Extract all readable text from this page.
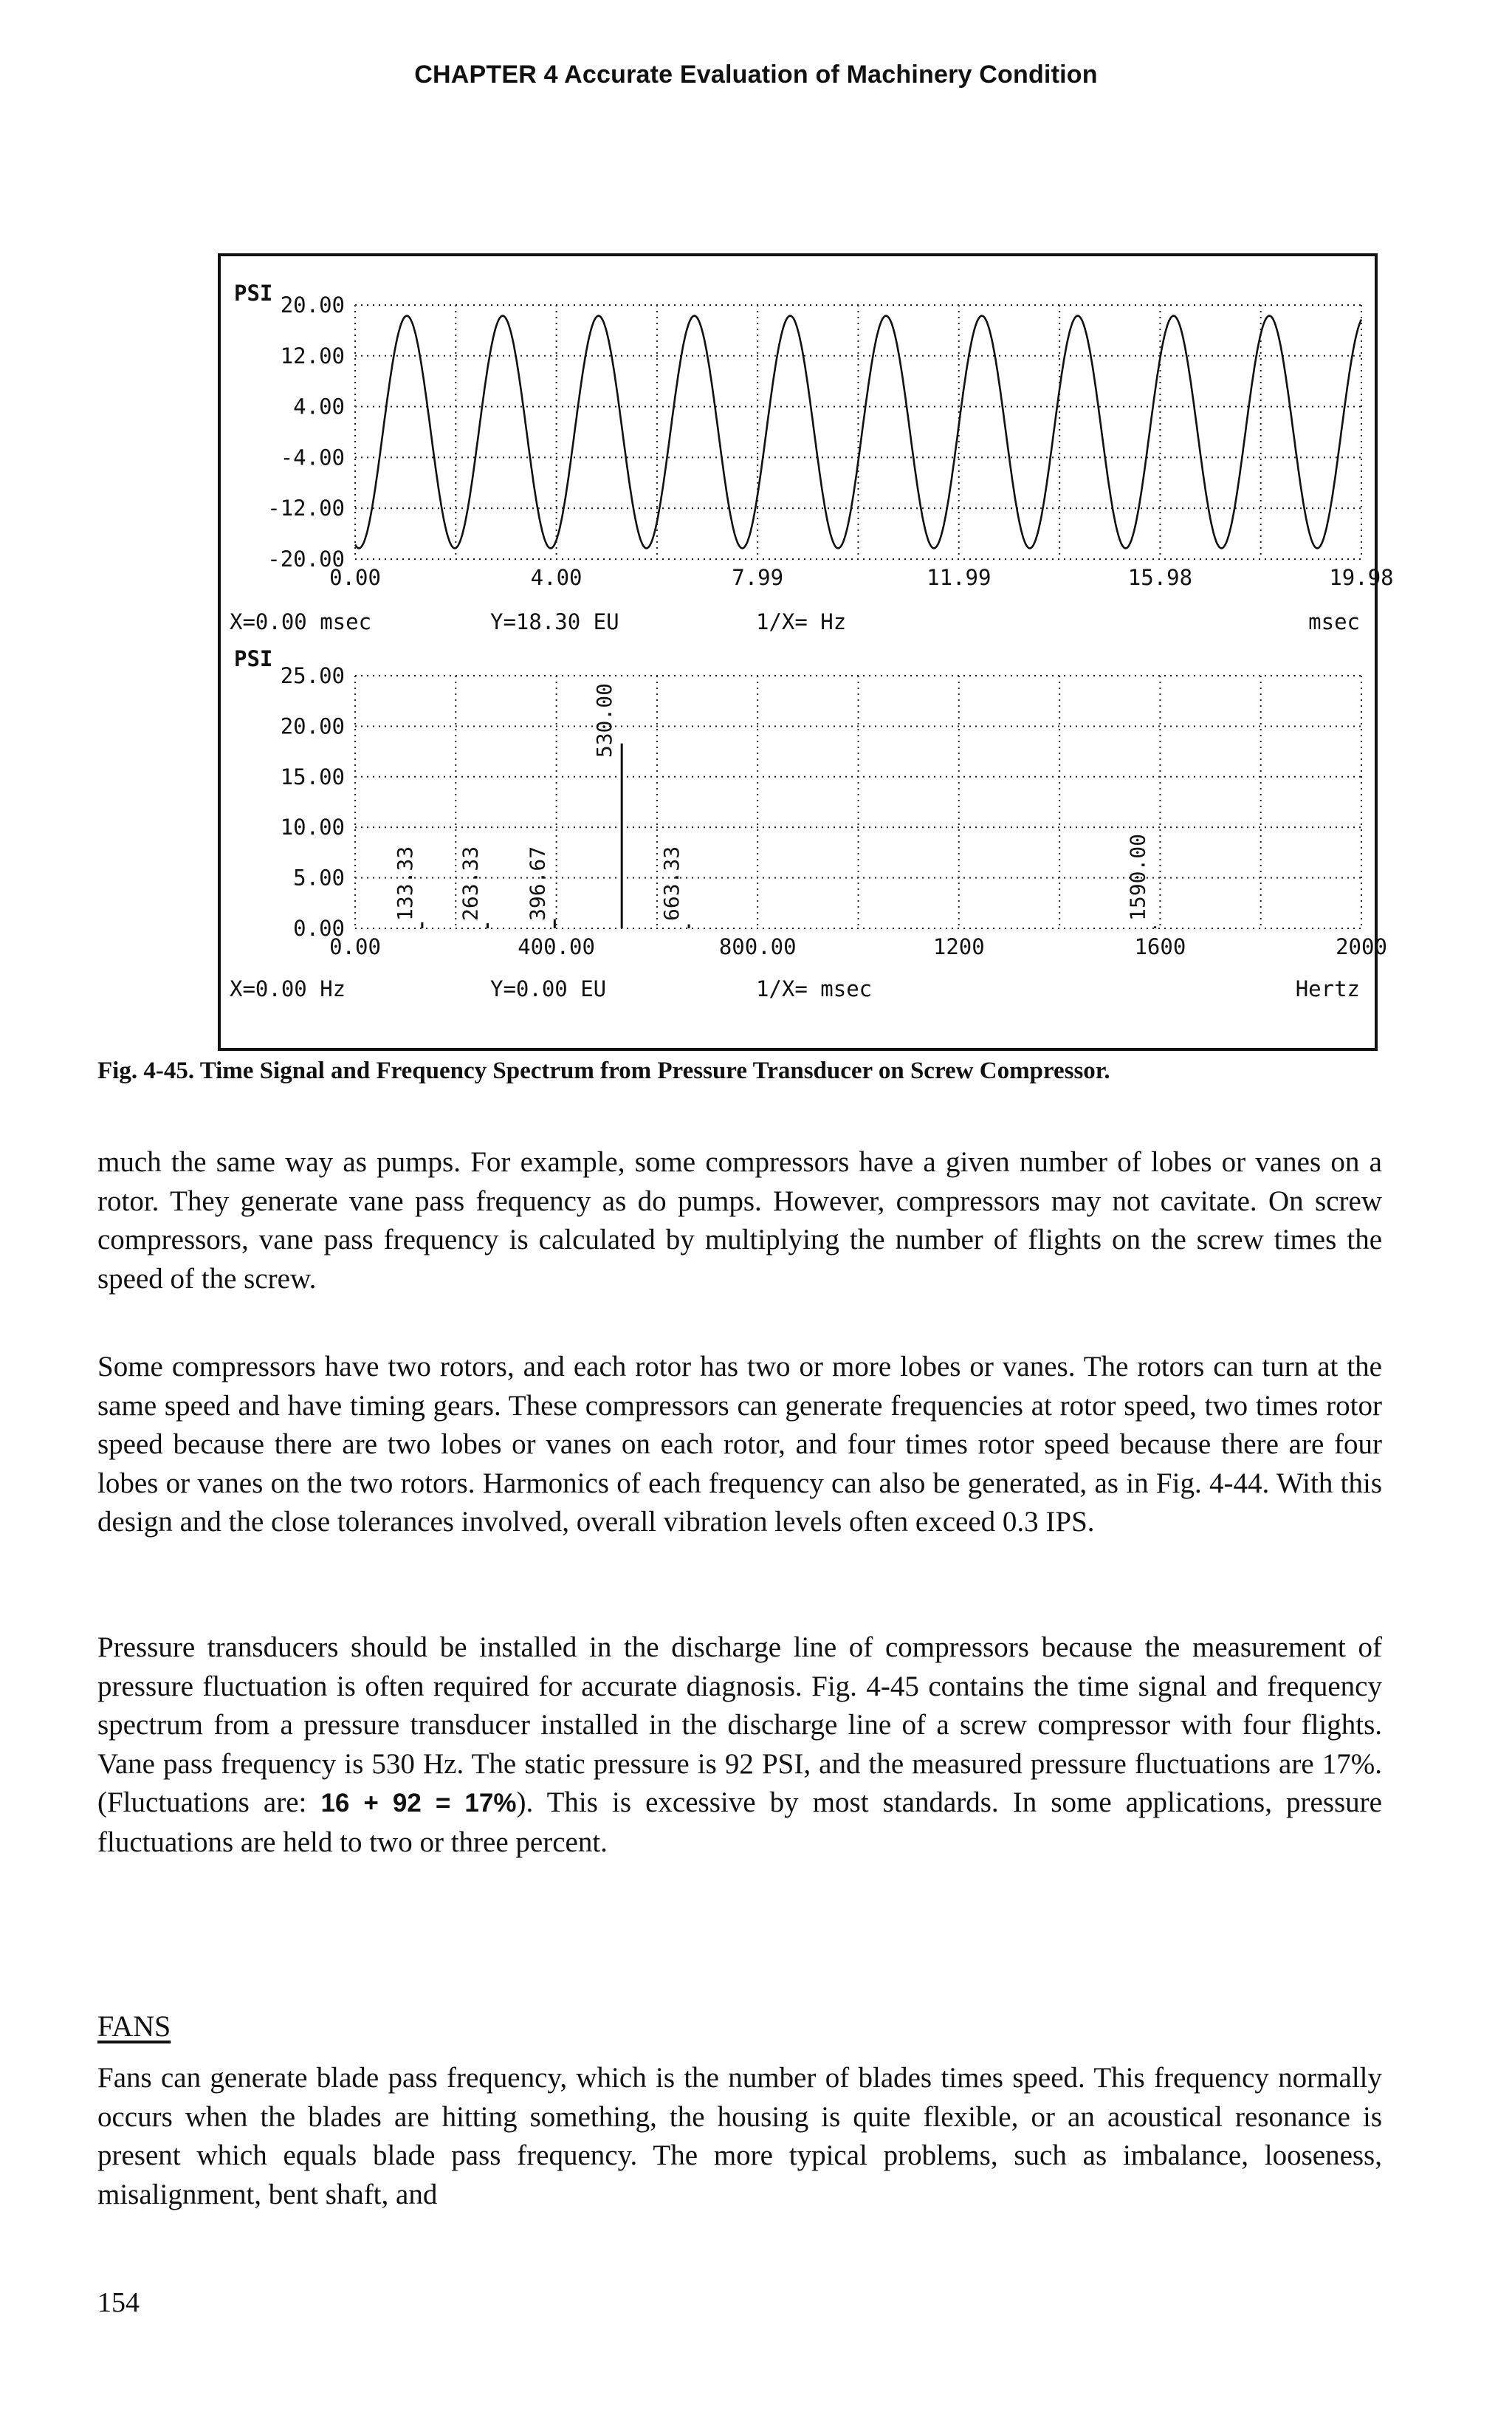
CHAPTER 4 Accurate Evaluation of Machinery Condition
PSI 20.00
12.00
4.00
-4.00
-12.00
-20.00
0.00	4.00	7.99	11.99	15.98	19.98
X=0.00 msec	Y=18.30 EU	1/X= Hz	msec
PSI
25.00
20.00
15.00
10.00
5.00
0.00
0.00	400.00	800.00	1200	1600	2000
X=0.00 Hz	Y=0.00 EU	1/X= msec	Hertz
133.33 263.33 396.67
530.00
663.33	1590.00
Fig. 4-45. Time Signal and Frequency Spectrum from Pressure Transducer on Screw Compressor.
much the same way as pumps. For example, some compressors have a given number of lobes or vanes on a rotor. They generate vane pass frequency as do pumps. However, compressors may not cavitate. On screw compressors, vane pass frequency is calculated by multiplying the number of flights on the screw times the speed of the screw.
Some compressors have two rotors, and each rotor has two or more lobes or vanes. The rotors can turn at the same speed and have timing gears. These compressors can generate frequencies at rotor speed, two times rotor speed because there are two lobes or vanes on each rotor, and four times rotor speed because there are four lobes or vanes on the two rotors. Harmonics of each frequency can also be generated, as in Fig. 4-44. With this design and the close tolerances involved, overall vibration levels often exceed 0.3 IPS.
Pressure transducers should be installed in the discharge line of compressors because the measurement of pressure fluctuation is often required for accurate diagnosis. Fig. 4-45 contains the time signal and frequency spectrum from a pressure transducer installed in the discharge line of a screw compressor with four flights. Vane pass frequency is 530 Hz. The static pressure is 92 PSI, and the measured pressure fluctuations are 17%. (Fluctuations are: 16 + 92 = 17%). This is excessive by most standards. In some applications, pressure fluctuations are held to two or three percent.
FANS
Fans can generate blade pass frequency, which is the number of blades times speed. This frequency normally occurs when the blades are hitting something, the housing is quite flexible, or an acoustical resonance is present which equals blade pass frequency. The more typical problems, such as imbalance, looseness, misalignment, bent shaft, and
154
